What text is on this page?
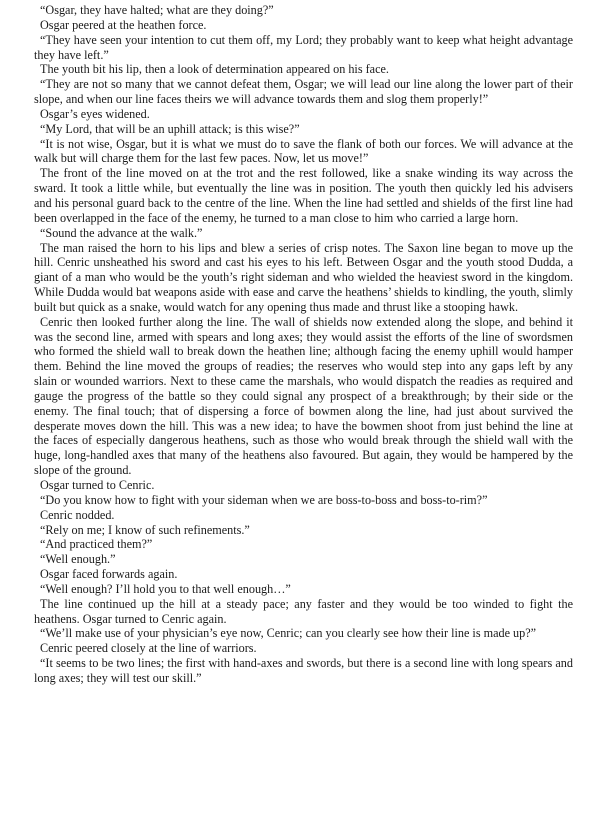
“Osgar, they have halted; what are they doing?”

Osgar peered at the heathen force.

“They have seen your intention to cut them off, my Lord; they probably want to keep what height advantage they have left.”

The youth bit his lip, then a look of determination appeared on his face.

“They are not so many that we cannot defeat them, Osgar; we will lead our line along the lower part of their slope, and when our line faces theirs we will advance towards them and slog them properly!”

Osgar’s eyes widened.

“My Lord, that will be an uphill attack; is this wise?”

“It is not wise, Osgar, but it is what we must do to save the flank of both our forces. We will advance at the walk but will charge them for the last few paces. Now, let us move!”

The front of the line moved on at the trot and the rest followed, like a snake winding its way across the sward. It took a little while, but eventually the line was in position. The youth then quickly led his advisers and his personal guard back to the centre of the line. When the line had settled and shields of the first line had been overlapped in the face of the enemy, he turned to a man close to him who carried a large horn.

“Sound the advance at the walk.”

The man raised the horn to his lips and blew a series of crisp notes. The Saxon line began to move up the hill. Cenric unsheathed his sword and cast his eyes to his left. Between Osgar and the youth stood Dudda, a giant of a man who would be the youth’s right sideman and who wielded the heaviest sword in the kingdom. While Dudda would bat weapons aside with ease and carve the heathens’ shields to kindling, the youth, slimly built but quick as a snake, would watch for any opening thus made and thrust like a stooping hawk.

Cenric then looked further along the line. The wall of shields now extended along the slope, and behind it was the second line, armed with spears and long axes; they would assist the efforts of the line of swordsmen who formed the shield wall to break down the heathen line; although facing the enemy uphill would hamper them. Behind the line moved the groups of readies; the reserves who would step into any gaps left by any slain or wounded warriors. Next to these came the marshals, who would dispatch the readies as required and gauge the progress of the battle so they could signal any prospect of a breakthrough; by their side or the enemy. The final touch; that of dispersing a force of bowmen along the line, had just about survived the desperate moves down the hill. This was a new idea; to have the bowmen shoot from just behind the line at the faces of especially dangerous heathens, such as those who would break through the shield wall with the huge, long-handled axes that many of the heathens also favoured. But again, they would be hampered by the slope of the ground.

Osgar turned to Cenric.

“Do you know how to fight with your sideman when we are boss-to-boss and boss-to-rim?”

Cenric nodded.

“Rely on me; I know of such refinements.”

“And practiced them?”

“Well enough.”

Osgar faced forwards again.

“Well enough? I’ll hold you to that well enough…”

The line continued up the hill at a steady pace; any faster and they would be too winded to fight the heathens. Osgar turned to Cenric again.

“We’ll make use of your physician’s eye now, Cenric; can you clearly see how their line is made up?”

Cenric peered closely at the line of warriors.

“It seems to be two lines; the first with hand-axes and swords, but there is a second line with long spears and long axes; they will test our skill.”
